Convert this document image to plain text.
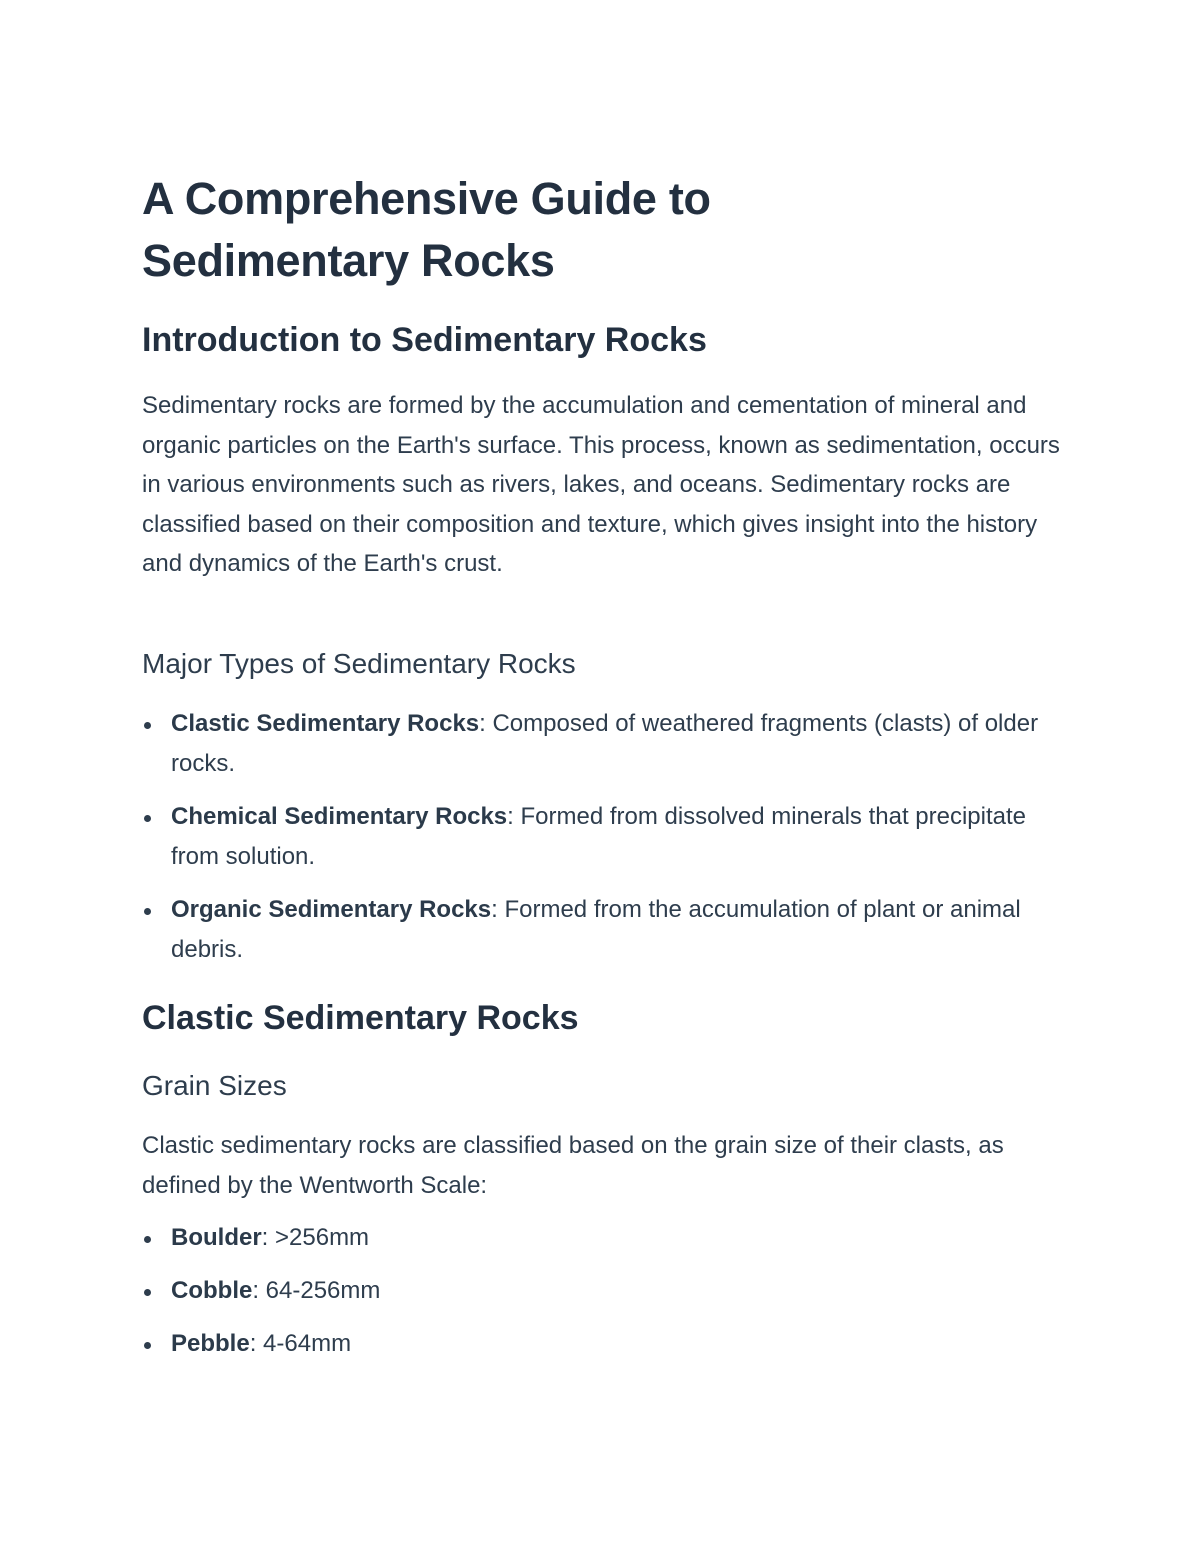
A Comprehensive Guide to Sedimentary Rocks
Introduction to Sedimentary Rocks

Sedimentary rocks are formed by the accumulation and cementation of mineral and organic particles on the Earth's surface. This process, known as sedimentation, occurs in various environments such as rivers, lakes, and oceans. Sedimentary rocks are classified based on their composition and texture, which gives insight into the history and dynamics of the Earth's crust.

Major Types of Sedimentary Rocks
Clastic Sedimentary Rocks: Composed of weathered fragments (clasts) of older rocks.
Chemical Sedimentary Rocks: Formed from dissolved minerals that precipitate from solution.
Organic Sedimentary Rocks: Formed from the accumulation of plant or animal debris.
Clastic Sedimentary Rocks
Grain Sizes

Clastic sedimentary rocks are classified based on the grain size of their clasts, as defined by the Wentworth Scale:

Boulder: >256mm
Cobble: 64-256mm
Pebble: 4-64mm
